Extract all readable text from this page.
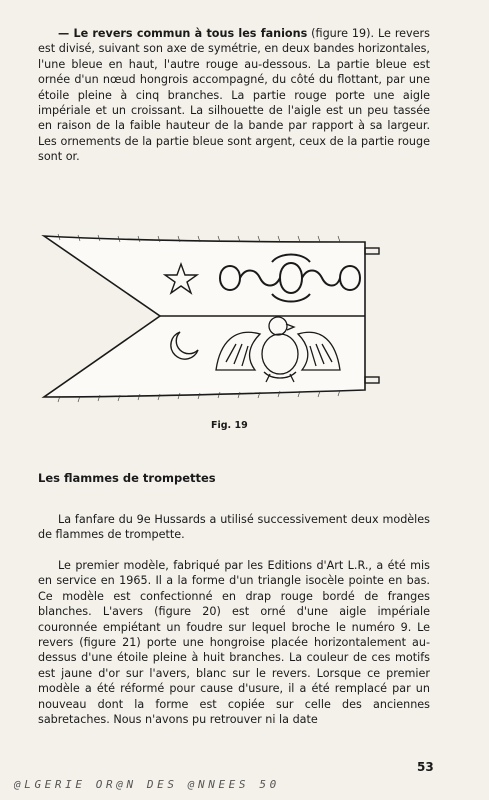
— Le revers commun à tous les fanions (figure 19). Le revers est divisé, suivant son axe de symétrie, en deux bandes horizontales, l'une bleue en haut, l'autre rouge au-dessous. La partie bleue est ornée d'un nœud hongrois accompagné, du côté du flottant, par une étoile pleine à cinq branches. La partie rouge porte une aigle impériale et un croissant. La silhouette de l'aigle est un peu tassée en raison de la faible hauteur de la bande par rapport à sa largeur. Les ornements de la partie bleue sont argent, ceux de la partie rouge sont or.

Fig. 19
Les flammes de trompettes

La fanfare du 9e Hussards a utilisé successivement deux modèles de flammes de trompette.

Le premier modèle, fabriqué par les Editions d'Art L.R., a été mis en service en 1965. Il a la forme d'un triangle isocèle pointe en bas. Ce modèle est confectionné en drap rouge bordé de franges blanches. L'avers (figure 20) est orné d'une aigle impériale couronnée empiétant un foudre sur lequel broche le numéro 9. Le revers (figure 21) porte une hongroise placée horizontalement au-dessus d'une étoile pleine à huit branches. La couleur de ces motifs est jaune d'or sur l'avers, blanc sur le revers. Lorsque ce premier modèle a été réformé pour cause d'usure, il a été remplacé par un nouveau dont la forme est copiée sur celle des anciennes sabretaches. Nous n'avons pu retrouver ni la date

53
@LGERIE OR@N DES @NNEES 50
